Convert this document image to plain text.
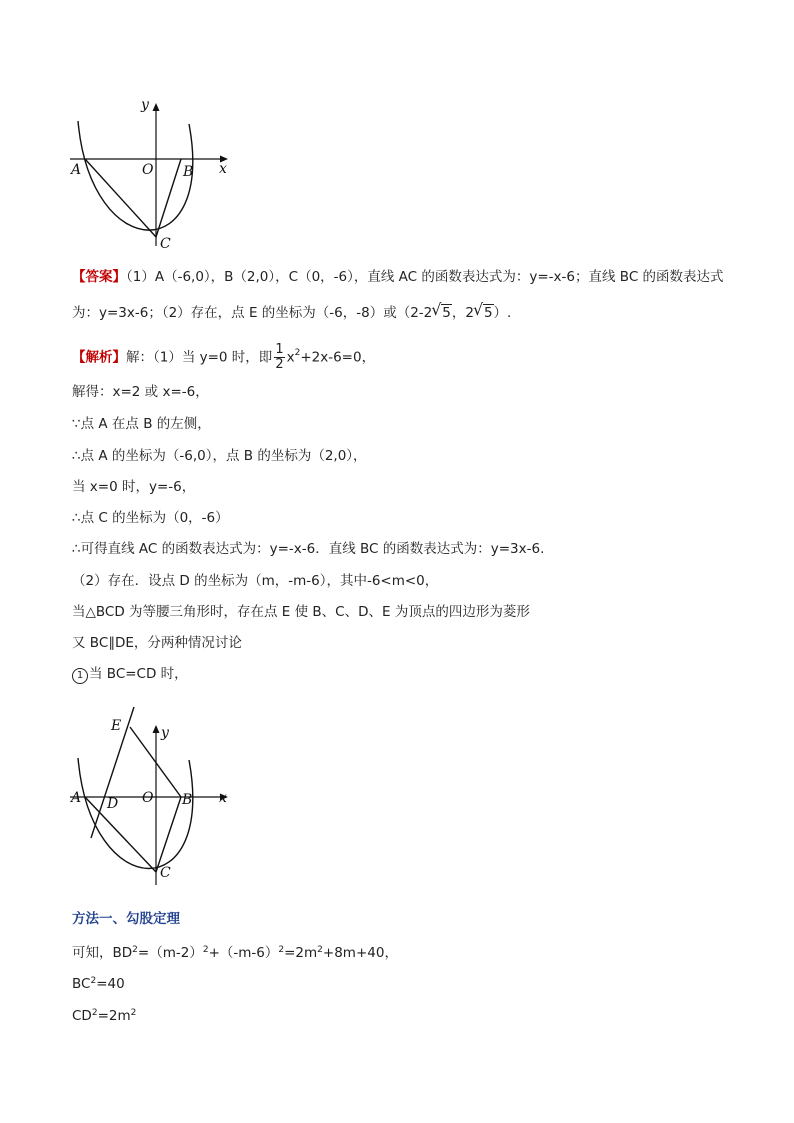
y
x
A	O B
C
【答案】（1）A（-6,0），B（2,0），C（0，-6），直线 AC 的函数表达式为：y=-x-6；直线 BC 的函数表达式
为：y=3x-6；（2）存在，点 E 的坐标为（-6，-8）或（2-2 √ 5，2 √ 5）.
【解析】解：（1）当 y=0 时，即 $\frac{1}{2} x^2+2x-6=0$，
解得：x=2 或 x=-6，
∵点 A 在点 B 的左侧，
∴点 A 的坐标为（-6,0），点 B 的坐标为（2,0），
当 x=0 时，y=-6，
∴点 C 的坐标为（0，-6）
∴可得直线 AC 的函数表达式为：y=-x-6．直线 BC 的函数表达式为：y=3x-6.
（2）存在．设点 D 的坐标为（m，-m-6），其中-6<m<0，
当△BCD 为等腰三角形时，存在点 E 使 B、C、D、E 为顶点的四边形为菱形
又 BC∥DE，分两种情况讨论
1 当 BC=CD 时，
E	y
A D O B x
C
方法一、勾股定理
可知，$BD^2=(m-2)^2+(-m-6)^2=2m^2+8m+40$，
$BC^2=40$
$CD^2=2m^2$
